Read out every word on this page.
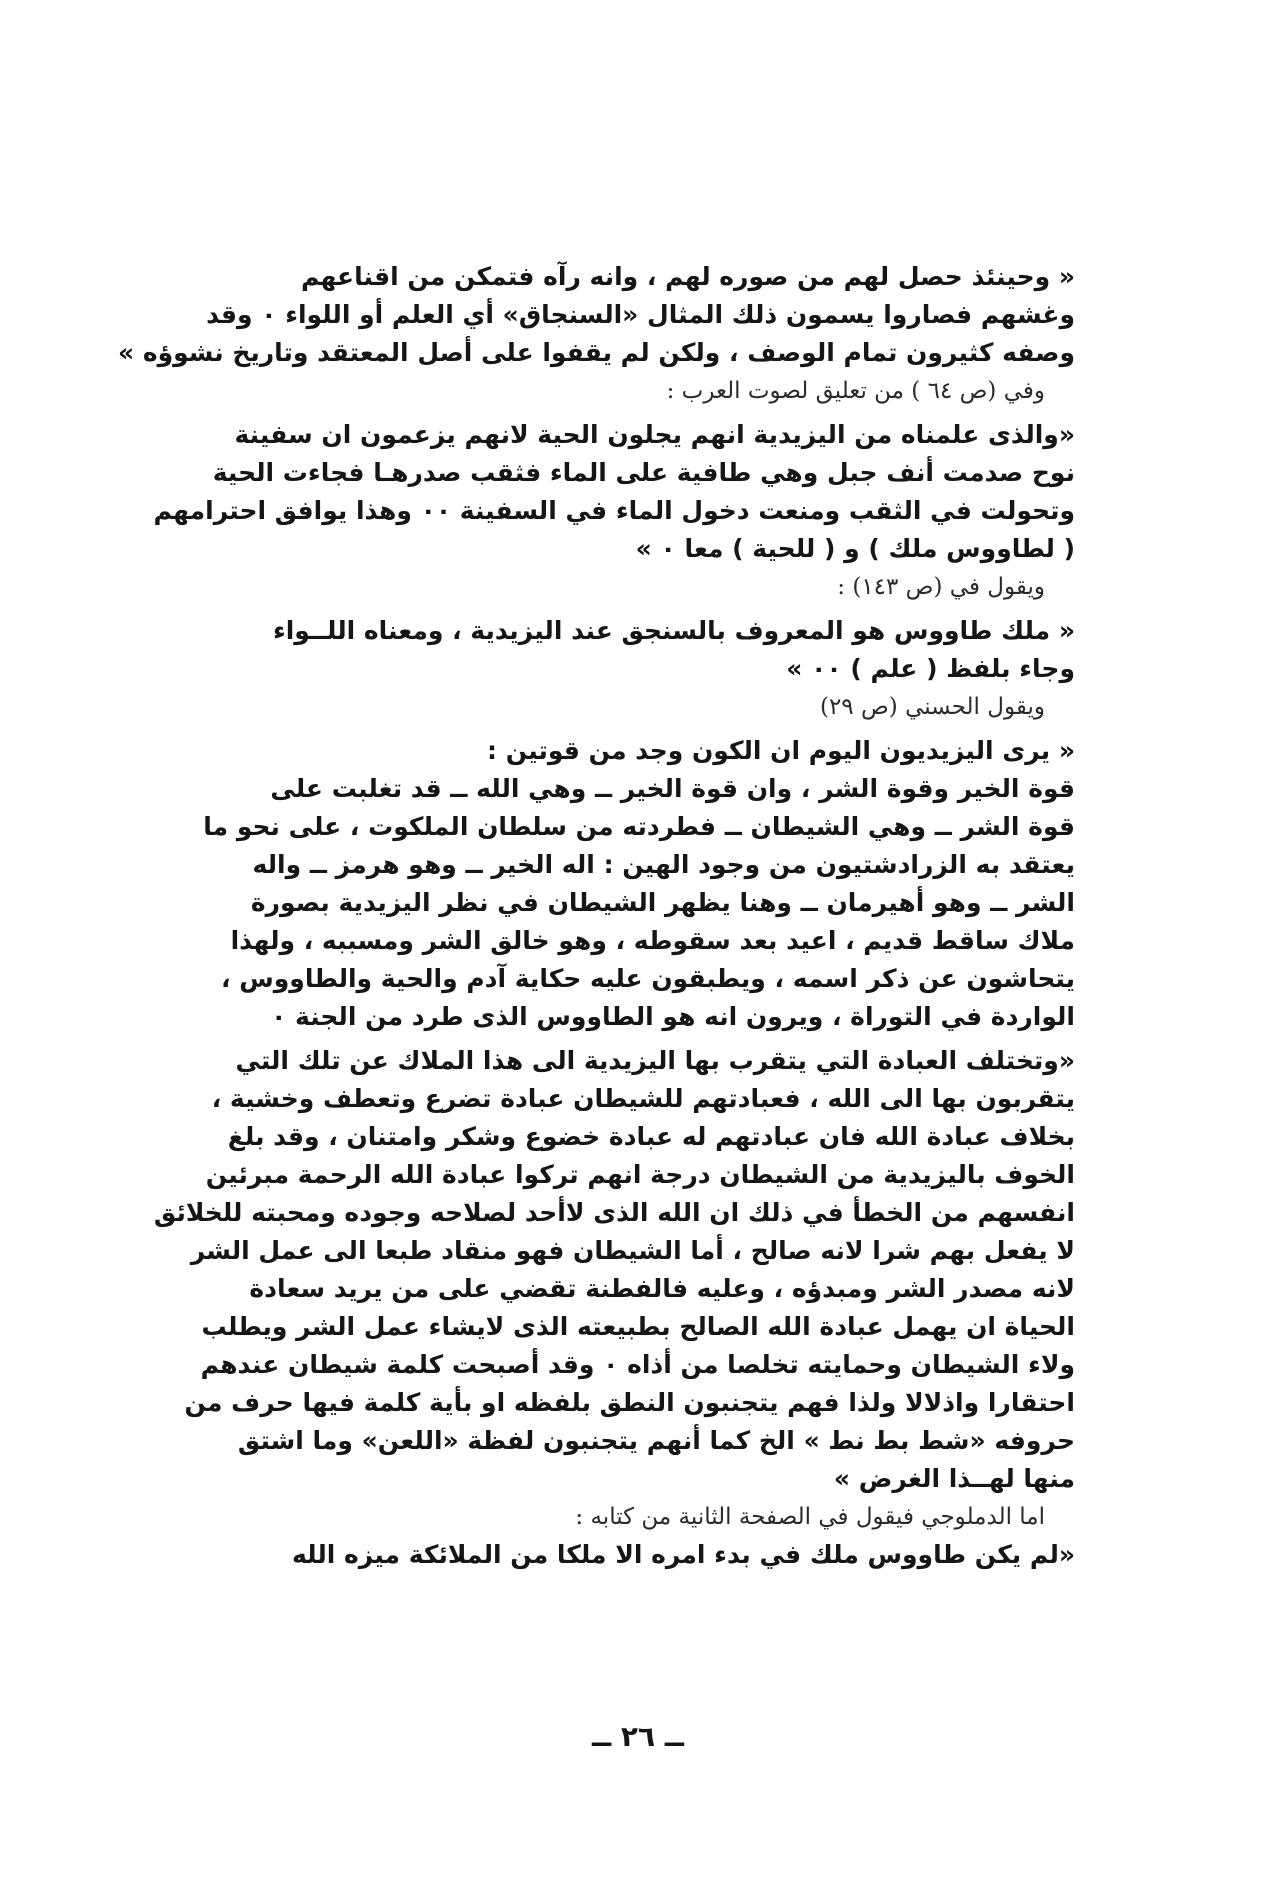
« وحينئذ حصل لهم من صوره لهم ، وانه رآه فتمكن من اقناعهم
وغشهم فصاروا يسمون ذلك المثال «السنجاق» أي العلم أو اللواء ٠ وقد
وصفه كثيرون تمام الوصف ، ولكن لم يقفوا على أصل المعتقد وتاريخ نشوؤه »
وفي (ص ٦٤ ) من تعليق لصوت العرب :
«والذى علمناه من اليزيدية انهم يجلون الحية لانهم يزعمون ان سفينة
نوح صدمت أنف جبل وهي طافية على الماء فثقب صدرهـا فجاءت الحية
وتحولت في الثقب ومنعت دخول الماء في السفينة ٠٠ وهذا يوافق احترامهم
( لطاووس ملك ) و ( للحية ) معا ٠ »
ويقول في (ص ١٤٣) :
« ملك طاووس هو المعروف بالسنجق عند اليزيدية ، ومعناه اللــواء
وجاء بلفظ ( علم ) ٠٠ »
ويقول الحسني (ص ٢٩)
« يرى اليزيديون اليوم ان الكون وجد من قوتين :
قوة الخير وقوة الشر ، وان قوة الخير ــ وهي الله ــ قد تغلبت على
قوة الشر ــ وهي الشيطان ــ فطردته من سلطان الملكوت ، على نحو ما
يعتقد به الزرادشتيون من وجود الهين : اله الخير ــ وهو هرمز ــ واله
الشر ــ وهو أهيرمان ــ وهنا يظهر الشيطان في نظر اليزيدية بصورة
ملاك ساقط قديم ، اعيد بعد سقوطه ، وهو خالق الشر ومسببه ، ولهذا
يتحاشون عن ذكر اسمه ، ويطبقون عليه حكاية آدم والحية والطاووس ،
الواردة في التوراة ، ويرون انه هو الطاووس الذى طرد من الجنة ٠
«وتختلف العبادة التي يتقرب بها اليزيدية الى هذا الملاك عن تلك التي
يتقربون بها الى الله ، فعبادتهم للشيطان عبادة تضرع وتعطف وخشية ،
بخلاف عبادة الله فان عبادتهم له عبادة خضوع وشكر وامتنان ، وقد بلغ
الخوف باليزيدية من الشيطان درجة انهم تركوا عبادة الله الرحمة مبرئين
انفسهم من الخطأ في ذلك ان الله الذى لاأحد لصلاحه وجوده ومحبته للخلائق
لا يفعل بهم شرا لانه صالح ، أما الشيطان فهو منقاد طبعا الى عمل الشر
لانه مصدر الشر ومبدؤه ، وعليه فالفطنة تقضي على من يريد سعادة
الحياة ان يهمل عبادة الله الصالح بطبيعته الذى لايشاء عمل الشر ويطلب
ولاء الشيطان وحمايته تخلصا من أذاه ٠ وقد أصبحت كلمة شيطان عندهم
احتقارا واذلالا ولذا فهم يتجنبون النطق بلفظه او بأية كلمة فيها حرف من
حروفه «شط بط نط » الخ كما أنهم يتجنبون لفظة «اللعن» وما اشتق
منها لهــذا الغرض »
اما الدملوجي فيقول في الصفحة الثانية من كتابه :
«لم يكن طاووس ملك في بدء امره الا ملكا من الملائكة ميزه الله
ــ ٢٦ ــ
